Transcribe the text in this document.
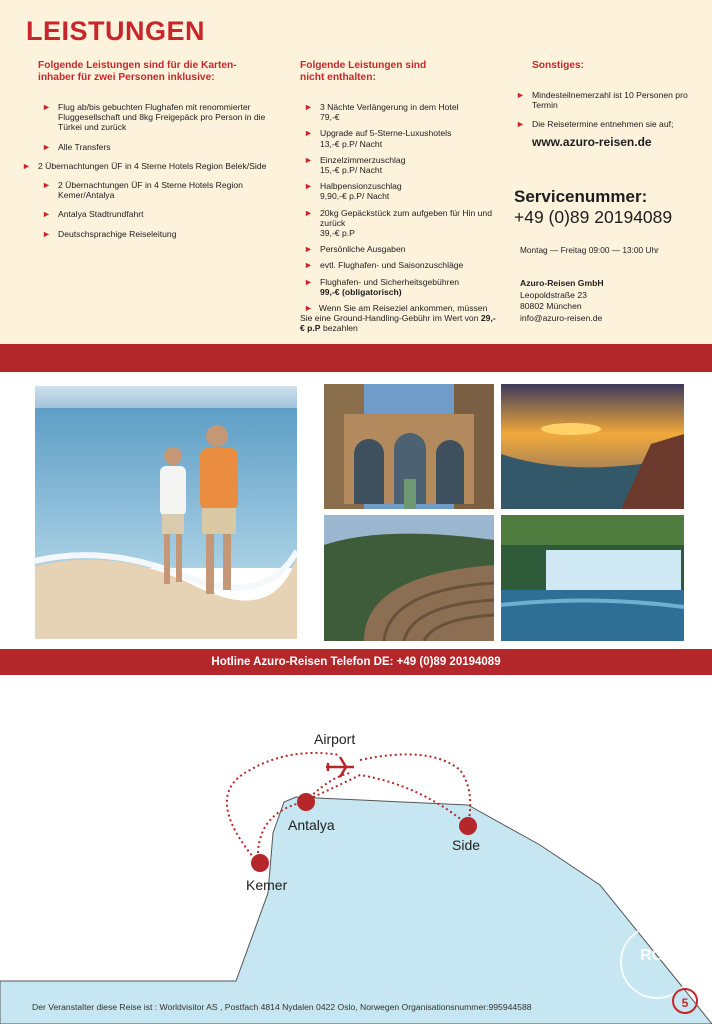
LEISTUNGEN
Folgende Leistungen sind für die Karten-
inhaber für zwei Personen inklusive:
► Flug ab/bis gebuchten Flughafen mit renommierter Fluggesellschaft und 8kg Freigepäck pro Person in die Türkei und zurück
► Alle Transfers
► 2 Übernachtungen ÜF in 4 Sterne Hotels Region Belek/Side
► 2 Übernachtungen ÜF in 4 Sterne Hotels Region Kemer/Antalya
► Antalya Stadtrundfahrt
► Deutschsprachige Reiseleitung
Folgende Leistungen sind
nicht enthalten:
► 3 Nächte Verlängerung in dem Hotel
79,-€
► Upgrade auf 5-Sterne-Luxushotels
13,-€ p.P/ Nacht
► Einzelzimmerzuschlag
15,-€ p.P/ Nacht
► Halbpensionzuschlag
9,90,-€ p.P/ Nacht
► 20kg Gepäckstück zum aufgeben für Hin und zurück
39,-€ p.P
► Persönliche Ausgaben
► evtl. Flughafen- und Saisonzuschläge
► Flughafen- und Sicherheitsgebühren
99,-€ (obligatorisch)
► Wenn Sie am Reiseziel ankommen, müssen Sie eine Ground-Handling-Gebühr im Wert von 29,-€ p.P bezahlen
Sonstiges:
► Mindesteilnemerzahl ist 10 Personen pro Termin
► Die Reisetermine entnehmen sie auf;
www.azuro-reisen.de
Servicenummer:
+49 (0)89 20194089
Montag — Freitag 09:00 — 13:00 Uhr
Azuro-Reisen GmbH
Leopoldstraße 23
80802 München
info@azuro-reisen.de
Hotline Azuro-Reisen Telefon DE: +49 (0)89 20194089
Airport
Antalya
Side
Kemer
RGF
Der Veranstalter diese Reise ist : Worldvisitor AS , Postfach 4814 Nydalen 0422 Oslo, Norwegen Organisationsnummer:995944588	5
